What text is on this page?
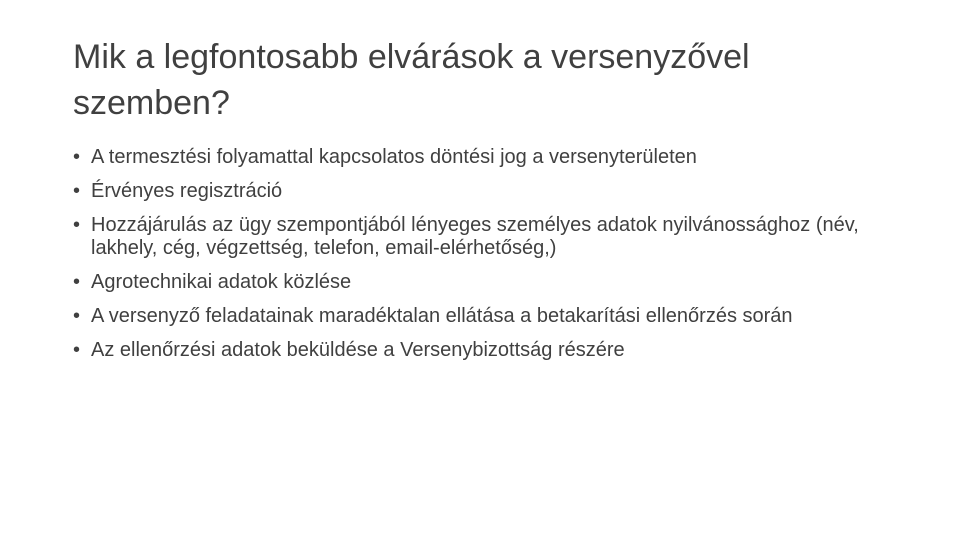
Mik a legfontosabb elvárások a versenyzővel szemben?
• A termesztési folyamattal kapcsolatos döntési jog a versenyterületen
• Érvényes regisztráció
• Hozzájárulás az ügy szempontjából lényeges személyes adatok nyilvánossághoz (név, lakhely, cég, végzettség, telefon, email-elérhetőség,)
• Agrotechnikai adatok közlése
• A versenyző feladatainak maradéktalan ellátása a betakarítási ellenőrzés során
• Az ellenőrzési adatok beküldése a Versenybizottság részére
